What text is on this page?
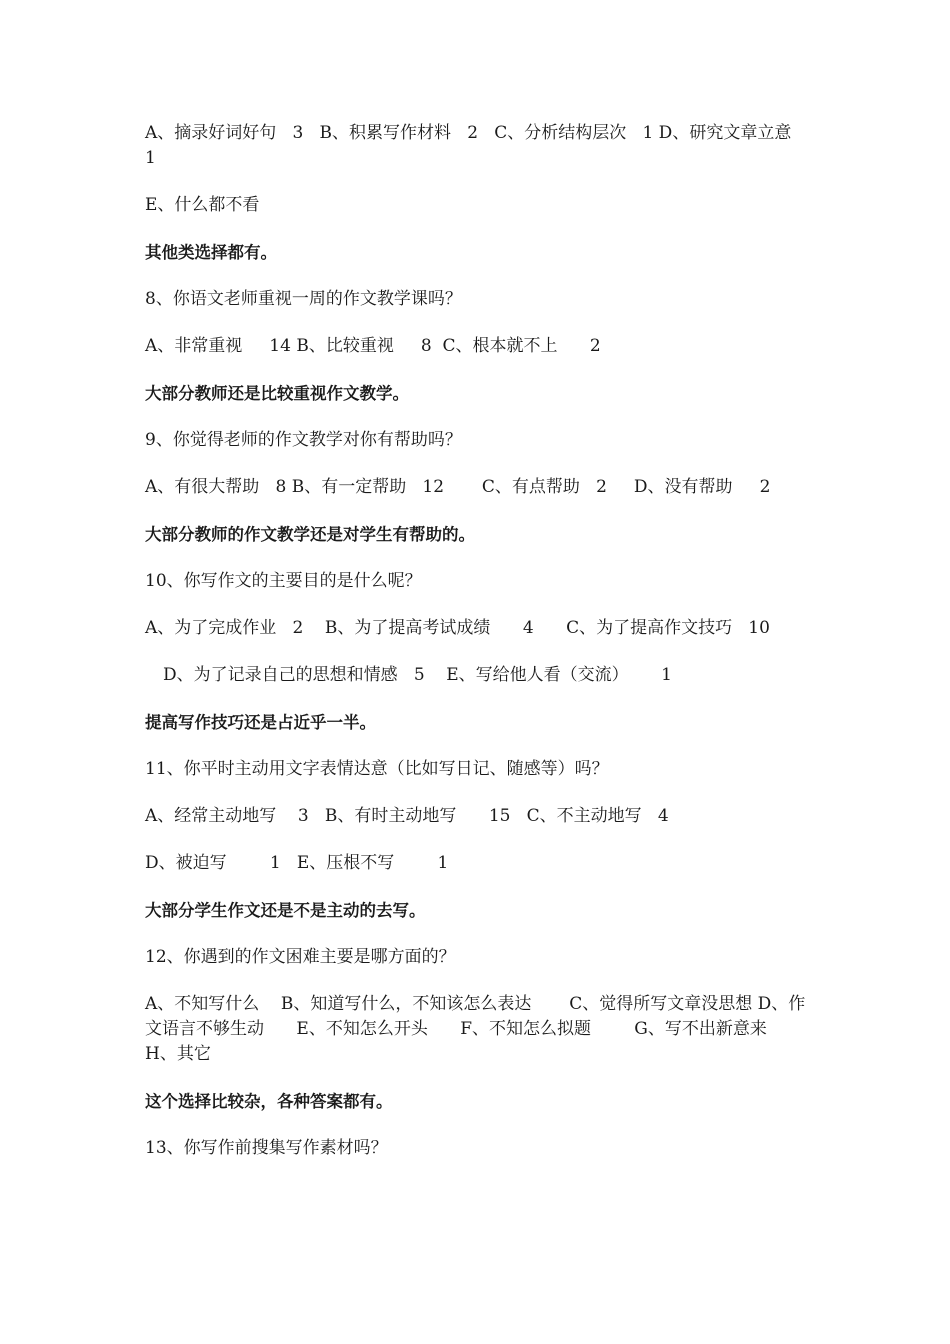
A、摘录好词好句   3   B、积累写作材料   2   C、分析结构层次   1 D、研究文章立意   1

E、什么都不看

其他类选择都有。

8、你语文老师重视一周的作文教学课吗？

A、非常重视     14 B、比较重视     8  C、根本就不上      2

大部分教师还是比较重视作文教学。

9、你觉得老师的作文教学对你有帮助吗？

A、有很大帮助   8 B、有一定帮助   12       C、有点帮助   2     D、没有帮助     2

大部分教师的作文教学还是对学生有帮助的。

10、你写作文的主要目的是什么呢？

A、为了完成作业   2    B、为了提高考试成绩      4      C、为了提高作文技巧   10

D、为了记录自己的思想和情感   5    E、写给他人看（交流）      1

提高写作技巧还是占近乎一半。

11、你平时主动用文字表情达意（比如写日记、随感等）吗？

A、经常主动地写    3   B、有时主动地写      15   C、不主动地写   4

D、被迫写        1   E、压根不写        1

大部分学生作文还是不是主动的去写。

12、你遇到的作文困难主要是哪方面的？

A、不知写什么    B、知道写什么，不知该怎么表达       C、觉得所写文章没思想 D、作文语言不够生动      E、不知怎么开头      F、不知怎么拟题        G、写不出新意来       H、其它

这个选择比较杂，各种答案都有。

13、你写作前搜集写作素材吗？
